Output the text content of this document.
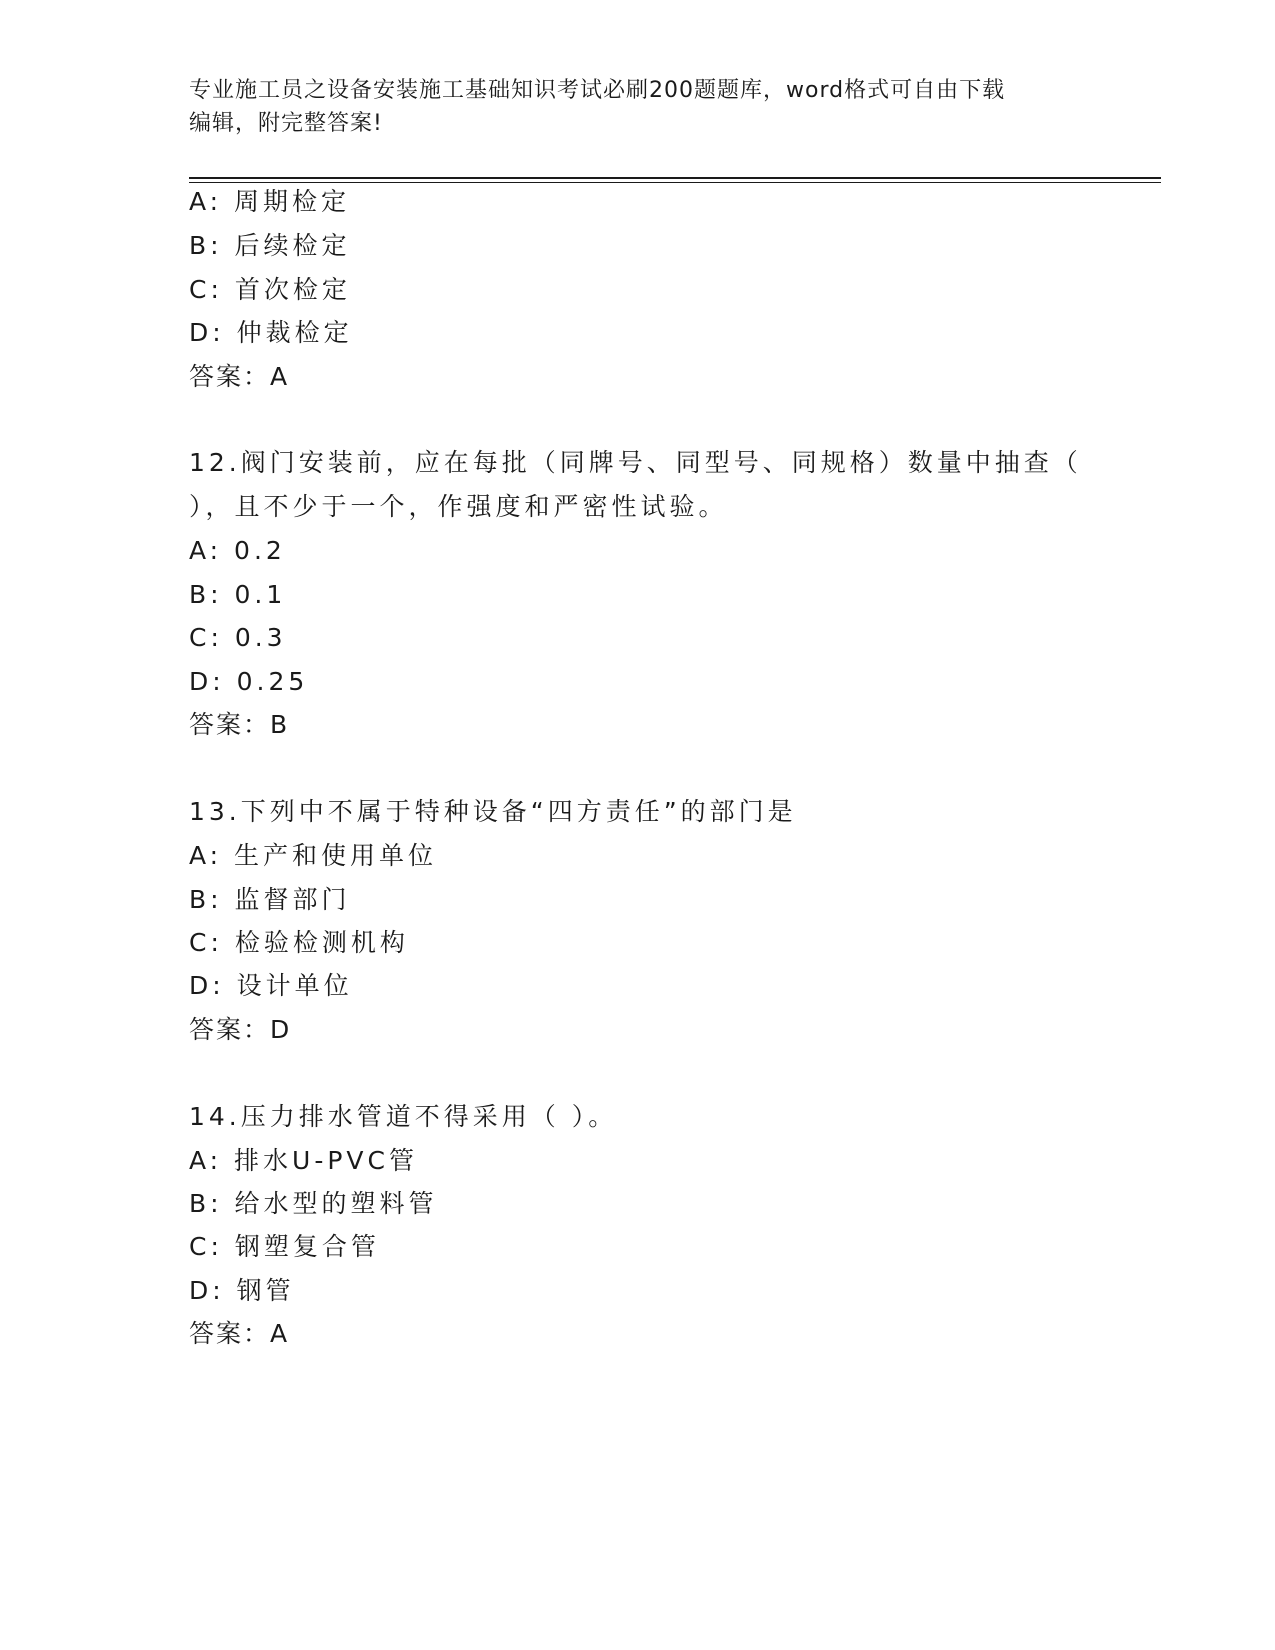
专业施工员之设备安装施工基础知识考试必刷200题题库，word格式可自由下载
编辑，附完整答案!
A: 周期检定
B: 后续检定
C: 首次检定
D: 仲裁检定
答案：A
12.阀门安装前，应在每批（同牌号、同型号、同规格）数量中抽查（
），且不少于一个，作强度和严密性试验。
A: 0.2
B: 0.1
C: 0.3
D: 0.25
答案：B
13.下列中不属于特种设备“四方责任”的部门是
A: 生产和使用单位
B: 监督部门
C: 检验检测机构
D: 设计单位
答案：D
14.压力排水管道不得采用（ ）。
A: 排水U-PVC管
B: 给水型的塑料管
C: 钢塑复合管
D: 钢管
答案：A
